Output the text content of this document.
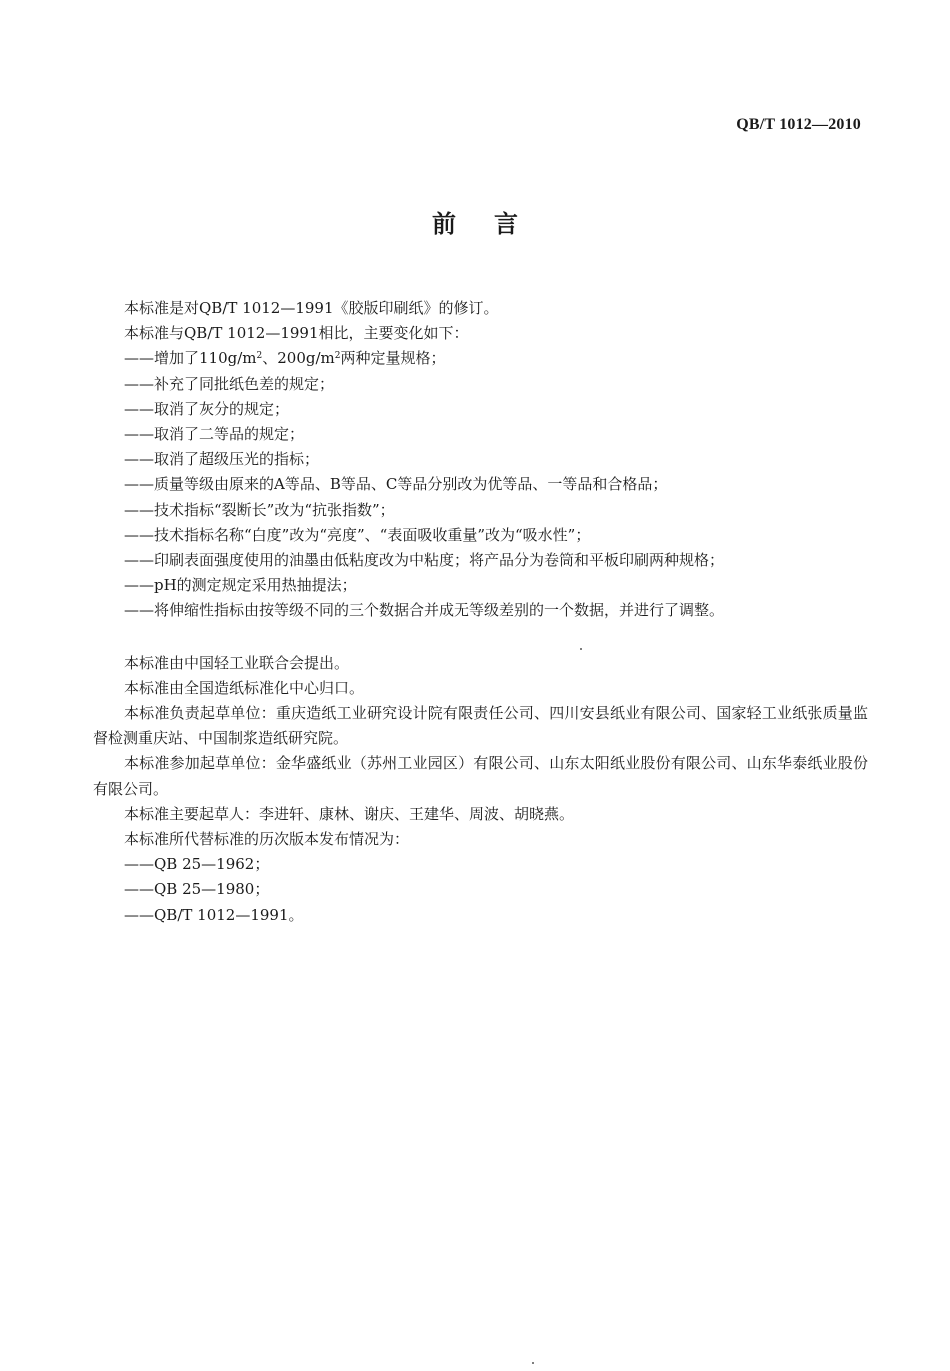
QB/T 1012—2010
前言

本标准是对QB/T 1012—1991《胶版印刷纸》的修订。

本标准与QB/T 1012—1991相比，主要变化如下：

——增加了$110g/m^2$、$200g/m^2$两种定量规格；

——补充了同批纸色差的规定；

——取消了灰分的规定；

——取消了二等品的规定；

——取消了超级压光的指标；

——质量等级由原来的A等品、B等品、C等品分别改为优等品、一等品和合格品；

——技术指标“裂断长”改为“抗张指数”；

——技术指标名称“白度”改为“亮度”、“表面吸收重量”改为“吸水性”；

——印刷表面强度使用的油墨由低粘度改为中粘度；将产品分为卷筒和平板印刷两种规格；

——pH的测定规定采用热抽提法；

——将伸缩性指标由按等级不同的三个数据合并成无等级差别的一个数据，并进行了调整。

本标准由中国轻工业联合会提出。

本标准由全国造纸标准化中心归口。

本标准负责起草单位：重庆造纸工业研究设计院有限责任公司、四川安县纸业有限公司、国家轻工业纸张质量监督检测重庆站、中国制浆造纸研究院。

本标准参加起草单位：金华盛纸业（苏州工业园区）有限公司、山东太阳纸业股份有限公司、山东华泰纸业股份有限公司。

本标准主要起草人：李进轩、康林、谢庆、王建华、周波、胡晓燕。

本标准所代替标准的历次版本发布情况为：

——QB 25—1962；

——QB 25—1980；

——QB/T 1012—1991。
